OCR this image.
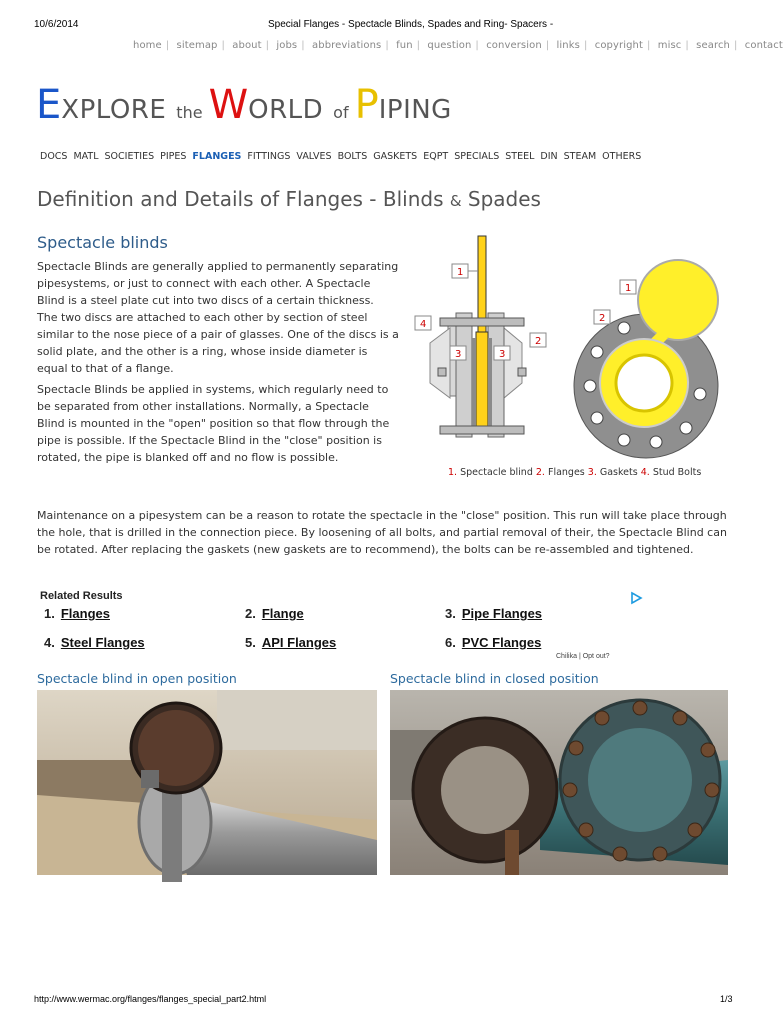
10/6/2014	Special Flanges - Spectacle Blinds, Spades and Ring- Spacers -
home | sitemap | about | jobs | abbreviations | fun | question | conversion | links | copyright | misc | search | contact
EXPLORE the WORLD of PIPING
DOCS MATL SOCIETIES PIPES FLANGES FITTINGS VALVES BOLTS GASKETS EQPT SPECIALS STEEL DIN STEAM OTHERS
Definition and Details of Flanges - Blinds & Spades
Spectacle blinds

Spectacle Blinds are generally applied to permanently separating pipesystems, or just to connect with each other. A Spectacle Blind is a steel plate cut into two discs of a certain thickness.

The two discs are attached to each other by section of steel similar to the nose piece of a pair of glasses. One of the discs is a solid plate, and the other is a ring, whose inside diameter is equal to that of a flange.

Spectacle Blinds be applied in systems, which regularly need to be separated from other installations. Normally, a Spectacle Blind is mounted in the "open" position so that flow through the pipe is possible. If the Spectacle Blind in the "close" position is rotated, the pipe is blanked off and no flow is possible.

1
4
3	3
2
1
2
1. Spectacle blind 2. Flanges 3. Gaskets 4. Stud Bolts

Maintenance on a pipesystem can be a reason to rotate the spectacle in the "close" position. This run will take place through the hole, that is drilled in the connection piece. By loosening of all bolts, and partial removal of their, the Spectacle Blind can be rotated. After replacing the gaskets (new gaskets are to recommend), the bolts can be re-assembled and tightened.

Related Results
1. Flanges	2. Flange	3. Pipe Flanges
4. Steel Flanges	5. API Flanges	6. PVC Flanges
Chilika | Opt out?
Spectacle blind in open position	Spectacle blind in closed position
http://www.wermac.org/flanges/flanges_special_part2.html	1/3
